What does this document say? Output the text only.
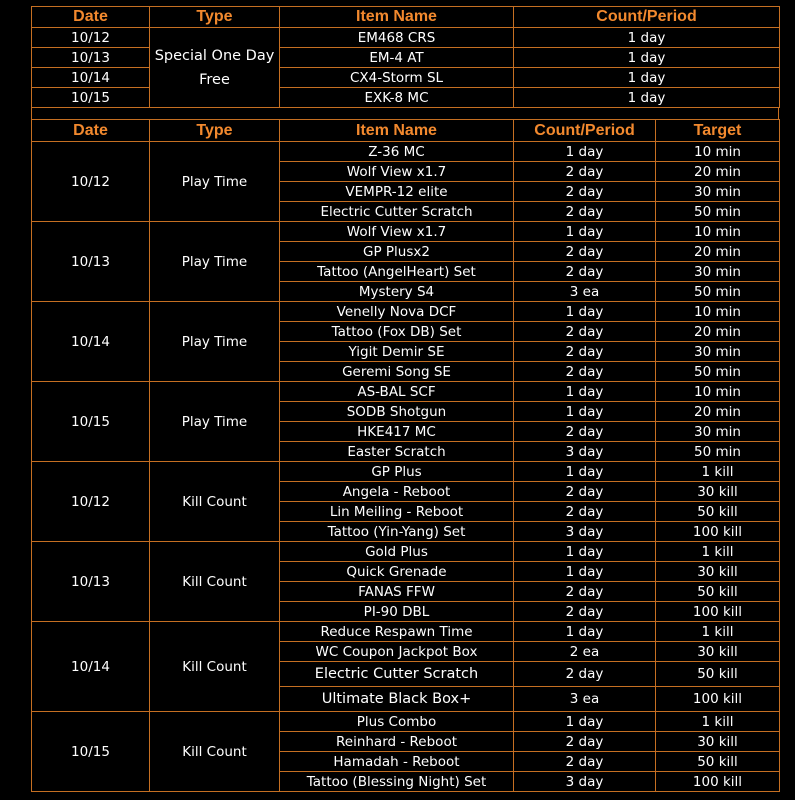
Date	Type	Item Name	Count/Period
10/12	Special One Day Free	EM468 CRS	1 day
10/13		EM-4 AT	1 day
10/14		CX4-Storm SL	1 day
10/15		EXK-8 MC	1 day
Date	Type	Item Name	Count/Period	Target
10/12	Play Time	Z-36 MC	1 day	10 min
		Wolf View x1.7	2 day	20 min
		VEMPR-12 elite	2 day	30 min
		Electric Cutter Scratch	2 day	50 min
10/13	Play Time	Wolf View x1.7	1 day	10 min
		GP Plusx2	2 day	20 min
		Tattoo (AngelHeart) Set	2 day	30 min
		Mystery S4	3 ea	50 min
10/14	Play Time	Venelly Nova DCF	1 day	10 min
		Tattoo (Fox DB) Set	2 day	20 min
		Yigit Demir SE	2 day	30 min
		Geremi Song SE	2 day	50 min
10/15	Play Time	AS-BAL SCF	1 day	10 min
		SODB Shotgun	1 day	20 min
		HKE417 MC	2 day	30 min
		Easter Scratch	3 day	50 min
10/12	Kill Count	GP Plus	1 day	1 kill
		Angela - Reboot	2 day	30 kill
		Lin Meiling - Reboot	2 day	50 kill
		Tattoo (Yin-Yang) Set	3 day	100 kill
10/13	Kill Count	Gold Plus	1 day	1 kill
		Quick Grenade	1 day	30 kill
		FANAS FFW	2 day	50 kill
		PI-90 DBL	2 day	100 kill
10/14	Kill Count	Reduce Respawn Time	1 day	1 kill
		WC Coupon Jackpot Box	2 ea	30 kill
		Electric Cutter Scratch	2 day	50 kill
		Ultimate Black Box+	3 ea	100 kill
10/15	Kill Count	Plus Combo	1 day	1 kill
		Reinhard - Reboot	2 day	30 kill
		Hamadah - Reboot	2 day	50 kill
		Tattoo (Blessing Night) Set	3 day	100 kill
